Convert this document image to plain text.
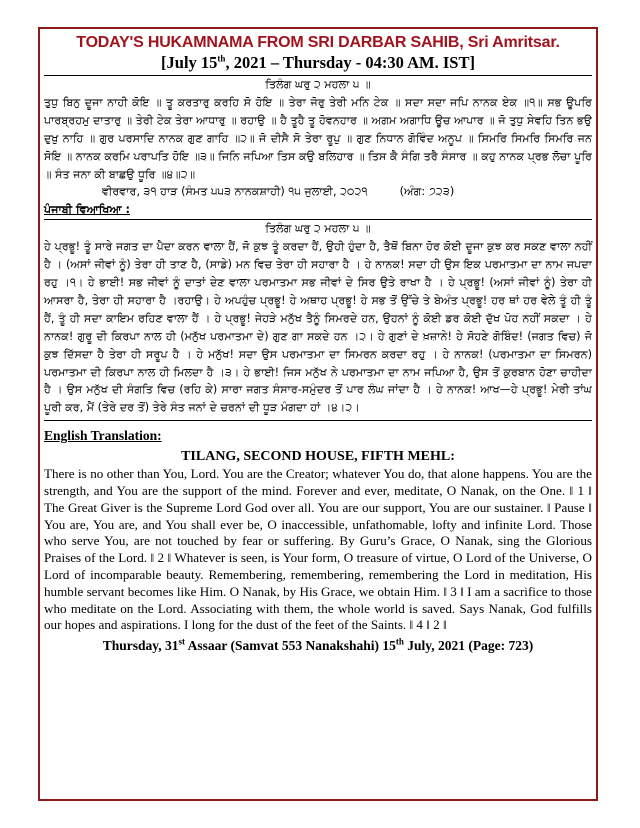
TODAY'S HUKAMNAMA FROM SRI DARBAR SAHIB, Sri Amritsar.

[July 15th, 2021 – Thursday - 04:30 AM. IST]

ਤਿਲੰਗ ਘਰੁ ੨ ਮਹਲਾ ੫ ॥

ਤੁਧੁ ਬਿਨੁ ਦੂਜਾ ਨਾਹੀ ਕੋਇ ॥ ਤੂ ਕਰਤਾਰੁ ਕਰਹਿ ਸੋ ਹੋਇ ॥ ਤੇਰਾ ਜੋਰੁ ਤੇਰੀ ਮਨਿ ਟੇਕ ॥ ਸਦਾ ਸਦਾ ਜਪਿ ਨਾਨਕ ਏਕ ॥੧॥ ਸਭ ਊਪਰਿ ਪਾਰਬ੍ਰਹਮੁ ਦਾਤਾਰੁ ॥ ਤੇਰੀ ਟੇਕ ਤੇਰਾ ਆਧਾਰੁ ॥ ਰਹਾਉ ॥ ਹੈ ਤੂਹੈ ਤੂ ਹੋਵਨਹਾਰ ॥ ਅਗਮ ਅਗਾਧਿ ਊਚ ਆਪਾਰ ॥ ਜੋ ਤੁਧੁ ਸੇਵਹਿ ਤਿਨ ਭਉ ਦੁਖੁ ਨਾਹਿ ॥ ਗੁਰ ਪਰਸਾਦਿ ਨਾਨਕ ਗੁਣ ਗਾਹਿ ॥੨॥ ਜੋ ਦੀਸੈ ਸੋ ਤੇਰਾ ਰੂਪੁ ॥ ਗੁਣ ਨਿਧਾਨ ਗੋਵਿੰਦ ਅਨੂਪ ॥ ਸਿਮਰਿ ਸਿਮਰਿ ਸਿਮਰਿ ਜਨ ਸੋਇ ॥ ਨਾਨਕ ਕਰਮਿ ਪਰਾਪਤਿ ਹੋਇ ॥੩॥ ਜਿਨਿ ਜਪਿਆ ਤਿਸ ਕਉ ਬਲਿਹਾਰ ॥ ਤਿਸ ਕੈ ਸੰਗਿ ਤਰੈ ਸੰਸਾਰ ॥ ਕਹੁ ਨਾਨਕ ਪ੍ਰਭ ਲੋਚਾ ਪੂਰਿ ॥ ਸੰਤ ਜਨਾ ਕੀ ਬਾਛਉ ਧੂਰਿ ॥੪॥੨॥

ਵੀਰਵਾਰ, ੩੧ ਹਾੜ (ਸੰਮਤ ੫੫੩ ਨਾਨਕਸ਼ਾਹੀ) ੧੫ ਜੁਲਾਈ, ੨੦੨੧	(ਅੰਗ: ੭੨੩)

ਪੰਜਾਬੀ ਵਿਆਖਿਆ :

ਤਿਲੰਗ ਘਰੁ ੨ ਮਹਲਾ ੫ ॥

ਹੇ ਪ੍ਰਭੂ! ਤੂੰ ਸਾਰੇ ਜਗਤ ਦਾ ਪੈਦਾ ਕਰਨ ਵਾਲਾ ਹੈਂ, ਜੋ ਕੁਝ ਤੂੰ ਕਰਦਾ ਹੈਂ, ਉਹੀ ਹੁੰਦਾ ਹੈ, ਤੈਥੋਂ ਬਿਨਾ ਹੋਰ ਕੋਈ ਦੂਜਾ ਕੁਝ ਕਰ ਸਕਣ ਵਾਲਾ ਨਹੀਂ ਹੈ । (ਅਸਾਂ ਜੀਵਾਂ ਨੂੰ) ਤੇਰਾ ਹੀ ਤਾਣ ਹੈ, (ਸਾਡੇ) ਮਨ ਵਿਚ ਤੇਰਾ ਹੀ ਸਹਾਰਾ ਹੈ । ਹੇ ਨਾਨਕ! ਸਦਾ ਹੀ ਉਸ ਇਕ ਪਰਮਾਤਮਾ ਦਾ ਨਾਮ ਜਪਦਾ ਰਹੁ ।੧। ਹੇ ਭਾਈ! ਸਭ ਜੀਵਾਂ ਨੂੰ ਦਾਤਾਂ ਦੇਣ ਵਾਲਾ ਪਰਮਾਤਮਾ ਸਭ ਜੀਵਾਂ ਦੇ ਸਿਰ ਉਤੇ ਰਾਖਾ ਹੈ । ਹੇ ਪ੍ਰਭੂ! (ਅਸਾਂ ਜੀਵਾਂ ਨੂੰ) ਤੇਰਾ ਹੀ ਆਸਰਾ ਹੈ, ਤੇਰਾ ਹੀ ਸਹਾਰਾ ਹੈ ।ਰਹਾਉ। ਹੇ ਅਪਹੁੰਚ ਪ੍ਰਭੂ! ਹੇ ਅਥਾਹ ਪ੍ਰਭੂ! ਹੇ ਸਭ ਤੋਂ ਉੱਚੇ ਤੇ ਬੇਅੰਤ ਪ੍ਰਭੂ! ਹਰ ਥਾਂ ਹਰ ਵੇਲੇ ਤੂੰ ਹੀ ਤੂੰ ਹੈਂ, ਤੂੰ ਹੀ ਸਦਾ ਕਾਇਮ ਰਹਿਣ ਵਾਲਾ ਹੈਂ । ਹੇ ਪ੍ਰਭੂ! ਜੇਹੜੇ ਮਨੁੱਖ ਤੈਨੂੰ ਸਿਮਰਦੇ ਹਨ, ਉਹਨਾਂ ਨੂੰ ਕੋਈ ਡਰ ਕੋਈ ਦੁੱਖ ਪੋਹ ਨਹੀਂ ਸਕਦਾ । ਹੇ ਨਾਨਕ! ਗੁਰੂ ਦੀ ਕਿਰਪਾ ਨਾਲ ਹੀ (ਮਨੁੱਖ ਪਰਮਾਤਮਾ ਦੇ) ਗੁਣ ਗਾ ਸਕਦੇ ਹਨ ।੨। ਹੇ ਗੁਣਾਂ ਦੇ ਖ਼ਜ਼ਾਨੇ! ਹੇ ਸੋਹਣੇ ਗੋਬਿੰਦ! (ਜਗਤ ਵਿਚ) ਜੋ ਕੁਝ ਦਿੱਸਦਾ ਹੈ ਤੇਰਾ ਹੀ ਸਰੂਪ ਹੈ । ਹੇ ਮਨੁੱਖ! ਸਦਾ ਉਸ ਪਰਮਾਤਮਾ ਦਾ ਸਿਮਰਨ ਕਰਦਾ ਰਹੁ । ਹੇ ਨਾਨਕ! (ਪਰਮਾਤਮਾ ਦਾ ਸਿਮਰਨ) ਪਰਮਾਤਮਾ ਦੀ ਕਿਰਪਾ ਨਾਲ ਹੀ ਮਿਲਦਾ ਹੈ ।੩। ਹੇ ਭਾਈ! ਜਿਸ ਮਨੁੱਖ ਨੇ ਪਰਮਾਤਮਾ ਦਾ ਨਾਮ ਜਪਿਆ ਹੈ, ਉਸ ਤੋਂ ਕੁਰਬਾਨ ਹੋਣਾ ਚਾਹੀਦਾ ਹੈ । ਉਸ ਮਨੁੱਖ ਦੀ ਸੰਗਤਿ ਵਿਚ (ਰਹਿ ਕੇ) ਸਾਰਾ ਜਗਤ ਸੰਸਾਰ-ਸਮੁੰਦਰ ਤੋਂ ਪਾਰ ਲੰਘ ਜਾਂਦਾ ਹੈ । ਹੇ ਨਾਨਕ! ਆਖ—ਹੇ ਪ੍ਰਭੂ! ਮੇਰੀ ਤਾਂਘ ਪੂਰੀ ਕਰ, ਮੈਂ (ਤੇਰੇ ਦਰ ਤੋਂ) ਤੇਰੇ ਸੰਤ ਜਨਾਂ ਦੇ ਚਰਨਾਂ ਦੀ ਧੂੜ ਮੰਗਦਾ ਹਾਂ ।੪।੨।

English Translation:

TILANG, SECOND HOUSE, FIFTH MEHL:

There is no other than You, Lord. You are the Creator; whatever You do, that alone happens. You are the strength, and You are the support of the mind. Forever and ever, meditate, O Nanak, on the One. ‖ 1 ‖ The Great Giver is the Supreme Lord God over all. You are our support, You are our sustainer. ‖ Pause ‖ You are, You are, and You shall ever be, O inaccessible, unfathomable, lofty and infinite Lord. Those who serve You, are not touched by fear or suffering. By Guru’s Grace, O Nanak, sing the Glorious Praises of the Lord. ‖ 2 ‖ Whatever is seen, is Your form, O treasure of virtue, O Lord of the Universe, O Lord of incomparable beauty. Remembering, remembering, remembering the Lord in meditation, His humble servant becomes like Him. O Nanak, by His Grace, we obtain Him. ‖ 3 ‖ I am a sacrifice to those who meditate on the Lord. Associating with them, the whole world is saved. Says Nanak, God fulfills our hopes and aspirations. I long for the dust of the feet of the Saints. ‖ 4 ‖ 2 ‖

Thursday, 31st Assaar (Samvat 553 Nanakshahi) 15th July, 2021 (Page: 723)
